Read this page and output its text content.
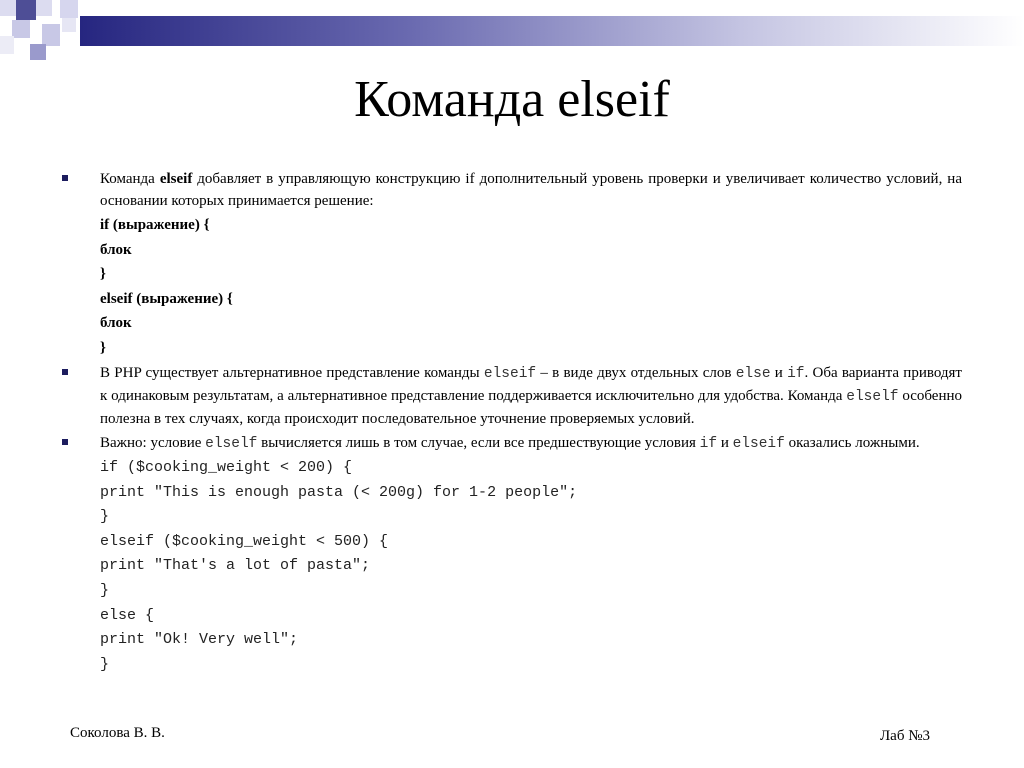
Команда elseif
Команда elseif добавляет в управляющую конструкцию if дополнительный уровень проверки и увеличивает количество условий, на основании которых принимается решение:

if (выражение) {

блок

}

elseif (выражение) {

блок

}

В PHP существует альтернативное представление команды elseif – в виде двух отдельных слов else и if. Оба варианта приводят к одинаковым результатам, а альтернативное представление поддерживается исключительно для удобства. Команда elself особенно полезна в тех случаях, когда происходит последовательное уточнение проверяемых условий.
Важно: условие elself вычисляется лишь в том случае, если все предшествующие условия if и elseif оказались ложными.

if ($cooking_weight < 200) {

print "This is enough pasta (< 200g) for 1-2 people";

}

elseif ($cooking_weight < 500) {

print "That's a lot of pasta";

}

else {

print "Ok! Very well";

}

Соколова В. В.	Лаб №3
